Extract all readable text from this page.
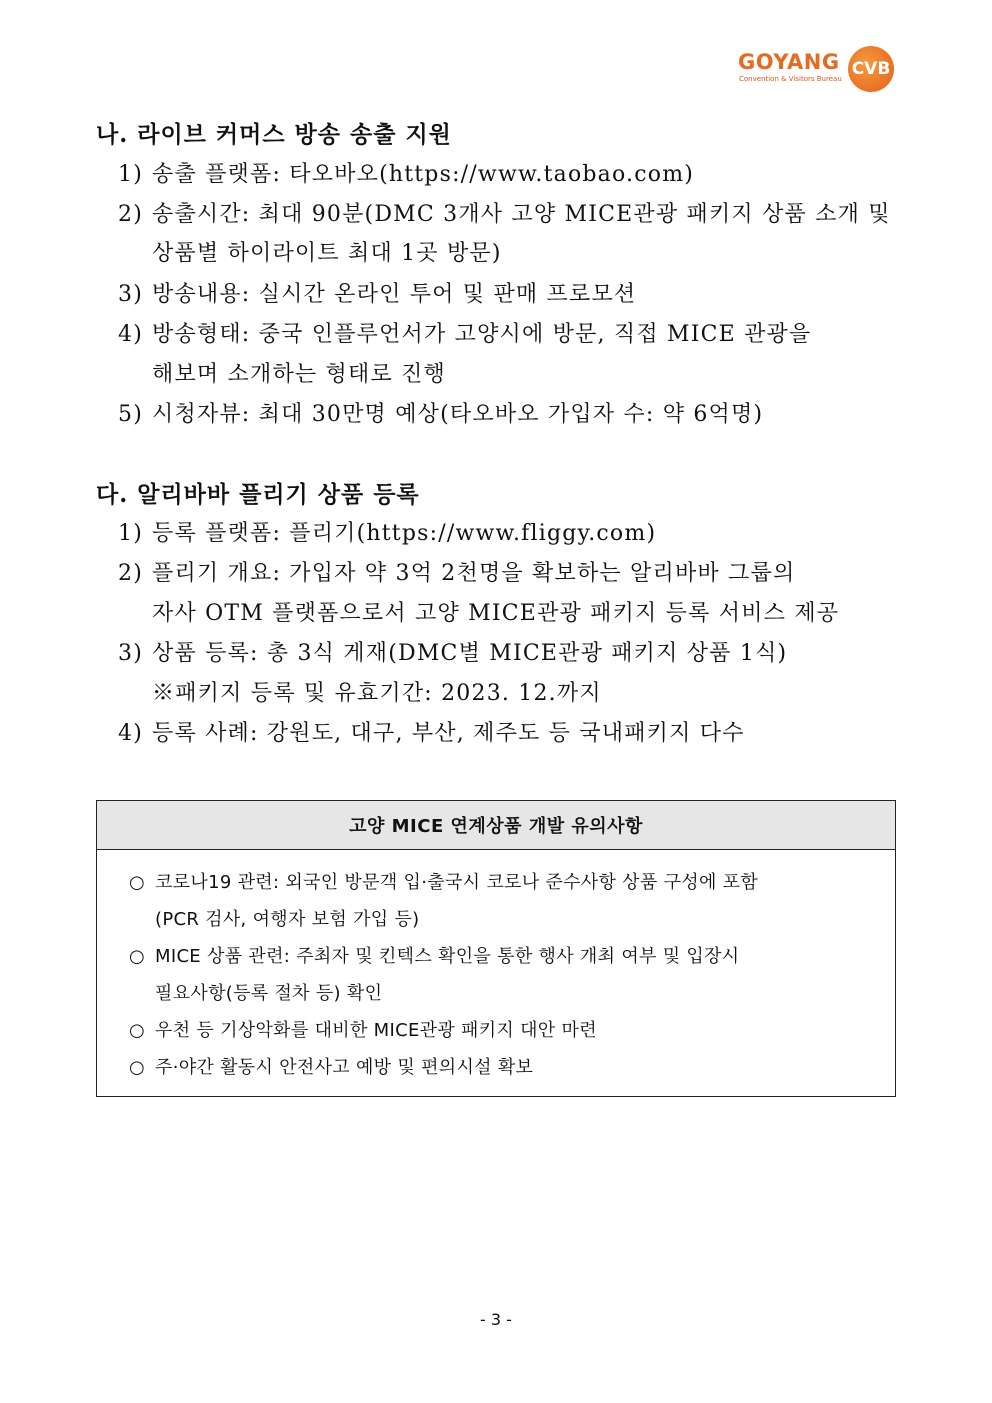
GOYANG
Convention & Visitors Bureau CVB
나. 라이브 커머스 방송 송출 지원
1) 송출 플랫폼: 타오바오(https://www.taobao.com)
2) 송출시간: 최대 90분(DMC 3개사 고양 MICE관광 패키지 상품 소개 및
상품별 하이라이트 최대 1곳 방문)
3) 방송내용: 실시간 온라인 투어 및 판매 프로모션
4) 방송형태: 중국 인플루언서가 고양시에 방문, 직접 MICE 관광을
해보며 소개하는 형태로 진행
5) 시청자뷰: 최대 30만명 예상(타오바오 가입자 수: 약 6억명)
다. 알리바바 플리기 상품 등록
1) 등록 플랫폼: 플리기(https://www.fliggy.com)
2) 플리기 개요: 가입자 약 3억 2천명을 확보하는 알리바바 그룹의
자사 OTM 플랫폼으로서 고양 MICE관광 패키지 등록 서비스 제공
3) 상품 등록: 총 3식 게재(DMC별 MICE관광 패키지 상품 1식)
※패키지 등록 및 유효기간: 2023. 12.까지
4) 등록 사례: 강원도, 대구, 부산, 제주도 등 국내패키지 다수
고양 MICE 연계상품 개발 유의사항
○ 코로나19 관련: 외국인 방문객 입·출국시 코로나 준수사항 상품 구성에 포함
(PCR 검사, 여행자 보험 가입 등)
○ MICE 상품 관련: 주최자 및 킨텍스 확인을 통한 행사 개최 여부 및 입장시
필요사항(등록 절차 등) 확인
○ 우천 등 기상악화를 대비한 MICE관광 패키지 대안 마련
○ 주·야간 활동시 안전사고 예방 및 편의시설 확보
- 3 -
